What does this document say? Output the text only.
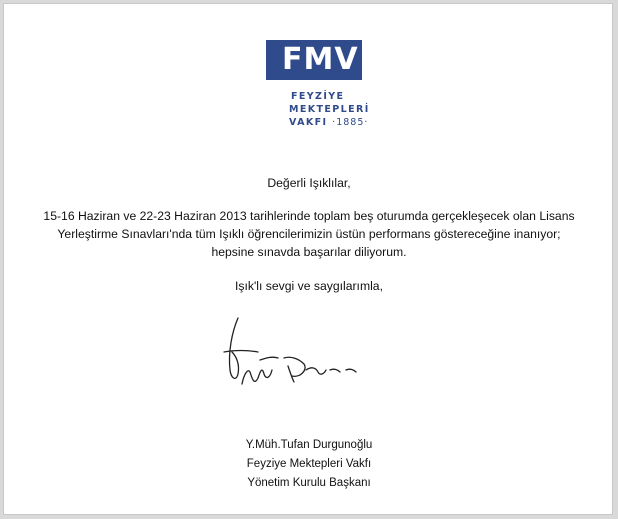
FMV
FEYZİYE
MEKTEPLERİ
VAKFI ·1885·
Değerli Işıklılar,
15-16 Haziran ve 22-23 Haziran 2013 tarihlerinde toplam beş oturumda gerçekleşecek olan Lisans
Yerleştirme Sınavları'nda tüm Işıklı öğrencilerimizin üstün performans göstereceğine inanıyor;
hepsine sınavda başarılar diliyorum.
Işık'lı sevgi ve saygılarımla,
Y.Müh.Tufan Durgunoğlu
Feyziye Mektepleri Vakfı
Yönetim Kurulu Başkanı
